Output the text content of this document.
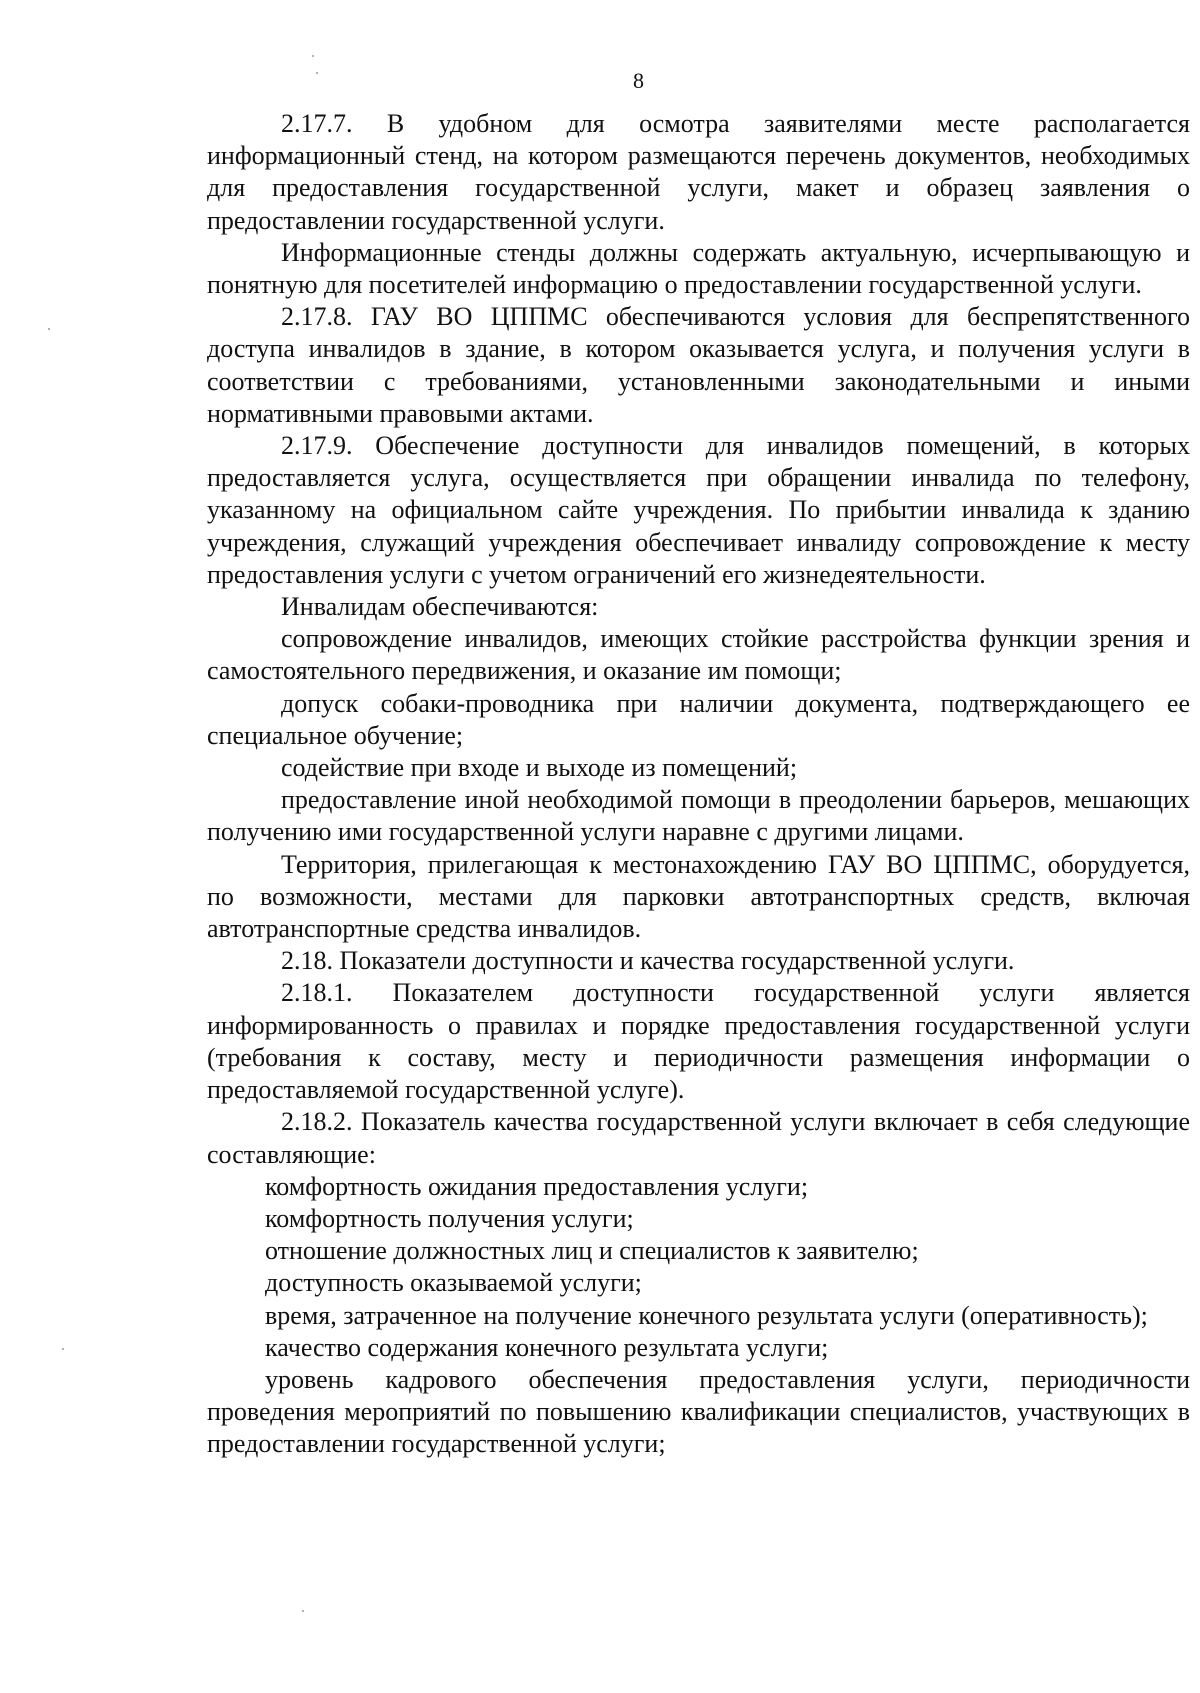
8

2.17.7. В удобном для осмотра заявителями месте располагается информационный стенд, на котором размещаются перечень документов, необходимых для предоставления государственной услуги, макет и образец заявления о предоставлении государственной услуги.

Информационные стенды должны содержать актуальную, исчерпывающую и понятную для посетителей информацию о предоставлении государственной услуги.

2.17.8. ГАУ ВО ЦППМС обеспечиваются условия для беспрепятственного доступа инвалидов в здание, в котором оказывается услуга, и получения услуги в соответствии с требованиями, установленными законодательными и иными нормативными правовыми актами.

2.17.9. Обеспечение доступности для инвалидов помещений, в которых предоставляется услуга, осуществляется при обращении инвалида по телефону, указанному на официальном сайте учреждения. По прибытии инвалида к зданию учреждения, служащий учреждения обеспечивает инвалиду сопровождение к месту предоставления услуги с учетом ограничений его жизнедеятельности.

Инвалидам обеспечиваются:

сопровождение инвалидов, имеющих стойкие расстройства функции зрения и самостоятельного передвижения, и оказание им помощи;

допуск собаки-проводника при наличии документа, подтверждающего ее специальное обучение;

содействие при входе и выходе из помещений;

предоставление иной необходимой помощи в преодолении барьеров, мешающих получению ими государственной услуги наравне с другими лицами.

Территория, прилегающая к местонахождению ГАУ ВО ЦППМС, оборудуется, по возможности, местами для парковки автотранспортных средств, включая автотранспортные средства инвалидов.

2.18. Показатели доступности и качества государственной услуги.

2.18.1. Показателем доступности государственной услуги является информированность о правилах и порядке предоставления государственной услуги (требования к составу, месту и периодичности размещения информации о предоставляемой государственной услуге).

2.18.2. Показатель качества государственной услуги включает в себя следующие составляющие:

комфортность ожидания предоставления услуги;

комфортность получения услуги;

отношение должностных лиц и специалистов к заявителю;

доступность оказываемой услуги;

время, затраченное на получение конечного результата услуги (оперативность);

качество содержания конечного результата услуги;

уровень кадрового обеспечения предоставления услуги, периодичности проведения мероприятий по повышению квалификации специалистов, участвующих в предоставлении государственной услуги;
